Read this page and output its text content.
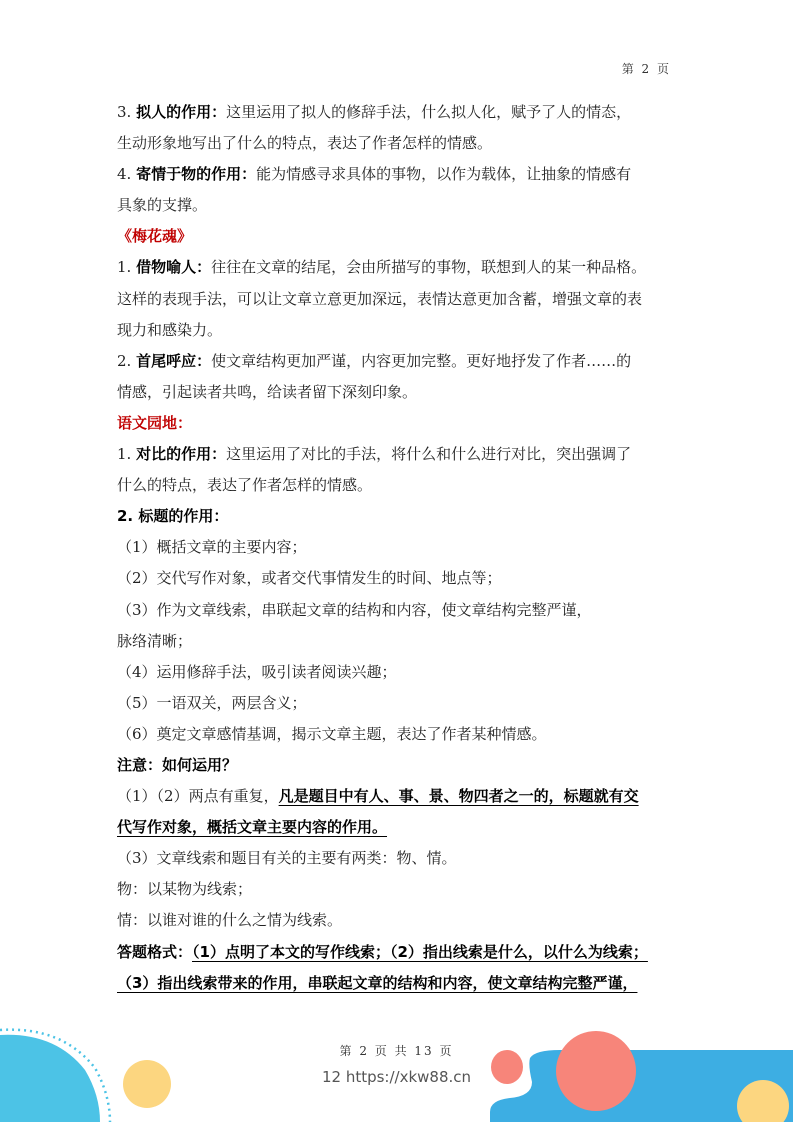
第 2 页
3. 拟人的作用：这里运用了拟人的修辞手法，什么拟人化，赋予了人的情态，
生动形象地写出了什么的特点，表达了作者怎样的情感。
4. 寄情于物的作用：能为情感寻求具体的事物，以作为载体，让抽象的情感有
具象的支撑。
《梅花魂》
1. 借物喻人：往往在文章的结尾，会由所描写的事物，联想到人的某一种品格。
这样的表现手法，可以让文章立意更加深远，表情达意更加含蓄，增强文章的表
现力和感染力。
2. 首尾呼应：使文章结构更加严谨，内容更加完整。更好地抒发了作者……的
情感，引起读者共鸣，给读者留下深刻印象。
语文园地：
1. 对比的作用：这里运用了对比的手法，将什么和什么进行对比，突出强调了
什么的特点，表达了作者怎样的情感。
2. 标题的作用：
（1）概括文章的主要内容；
（2）交代写作对象，或者交代事情发生的时间、地点等；
（3）作为文章线索，串联起文章的结构和内容，使文章结构完整严谨，
脉络清晰；
（4）运用修辞手法，吸引读者阅读兴趣；
（5）一语双关，两层含义；
（6）奠定文章感情基调，揭示文章主题，表达了作者某种情感。
注意：如何运用？
（1）（2）两点有重复，凡是题目中有人、事、景、物四者之一的，标题就有交
代写作对象，概括文章主要内容的作用。
（3）文章线索和题目有关的主要有两类：物、情。
物：以某物为线索；
情：以谁对谁的什么之情为线索。
答题格式：（1）点明了本文的写作线索；（2）指出线索是什么，以什么为线索；
（3）指出线索带来的作用，串联起文章的结构和内容，使文章结构完整严谨，
第 2 页 共 13 页
12 https://xkw88.cn
